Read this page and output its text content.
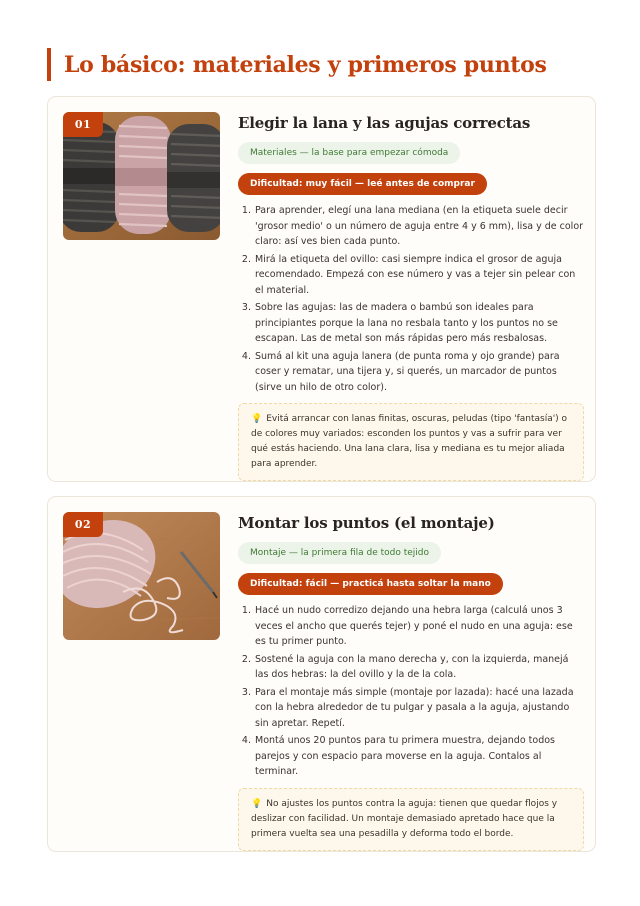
Lo básico: materiales y primeros puntos
01	Elegir la lana y las agujas correctas
Materiales — la base para empezar cómoda
Dificultad: muy fácil — leé antes de comprar
1. Para aprender, elegí una lana mediana (en la etiqueta suele decir 'grosor medio' o un número de aguja entre 4 y 6 mm), lisa y de color claro: así ves bien cada punto.
2. Mirá la etiqueta del ovillo: casi siempre indica el grosor de aguja recomendado. Empezá con ese número y vas a tejer sin pelear con el material.
3. Sobre las agujas: las de madera o bambú son ideales para principiantes porque la lana no resbala tanto y los puntos no se escapan. Las de metal son más rápidas pero más resbalosas.
4. Sumá al kit una aguja lanera (de punta roma y ojo grande) para coser y rematar, una tijera y, si querés, un marcador de puntos (sirve un hilo de otro color).
💡 Evitá arrancar con lanas finitas, oscuras, peludas (tipo 'fantasía') o de colores muy variados: esconden los puntos y vas a sufrir para ver qué estás haciendo. Una lana clara, lisa y mediana es tu mejor aliada para aprender.
02	Montar los puntos (el montaje)
Montaje — la primera fila de todo tejido
Dificultad: fácil — practicá hasta soltar la mano
1. Hacé un nudo corredizo dejando una hebra larga (calculá unos 3 veces el ancho que querés tejer) y poné el nudo en una aguja: ese es tu primer punto.
2. Sostené la aguja con la mano derecha y, con la izquierda, manejá las dos hebras: la del ovillo y la de la cola.
3. Para el montaje más simple (montaje por lazada): hacé una lazada con la hebra alrededor de tu pulgar y pasala a la aguja, ajustando sin apretar. Repetí.
4. Montá unos 20 puntos para tu primera muestra, dejando todos parejos y con espacio para moverse en la aguja. Contalos al terminar.
💡 No ajustes los puntos contra la aguja: tienen que quedar flojos y deslizar con facilidad. Un montaje demasiado apretado hace que la primera vuelta sea una pesadilla y deforma todo el borde.
